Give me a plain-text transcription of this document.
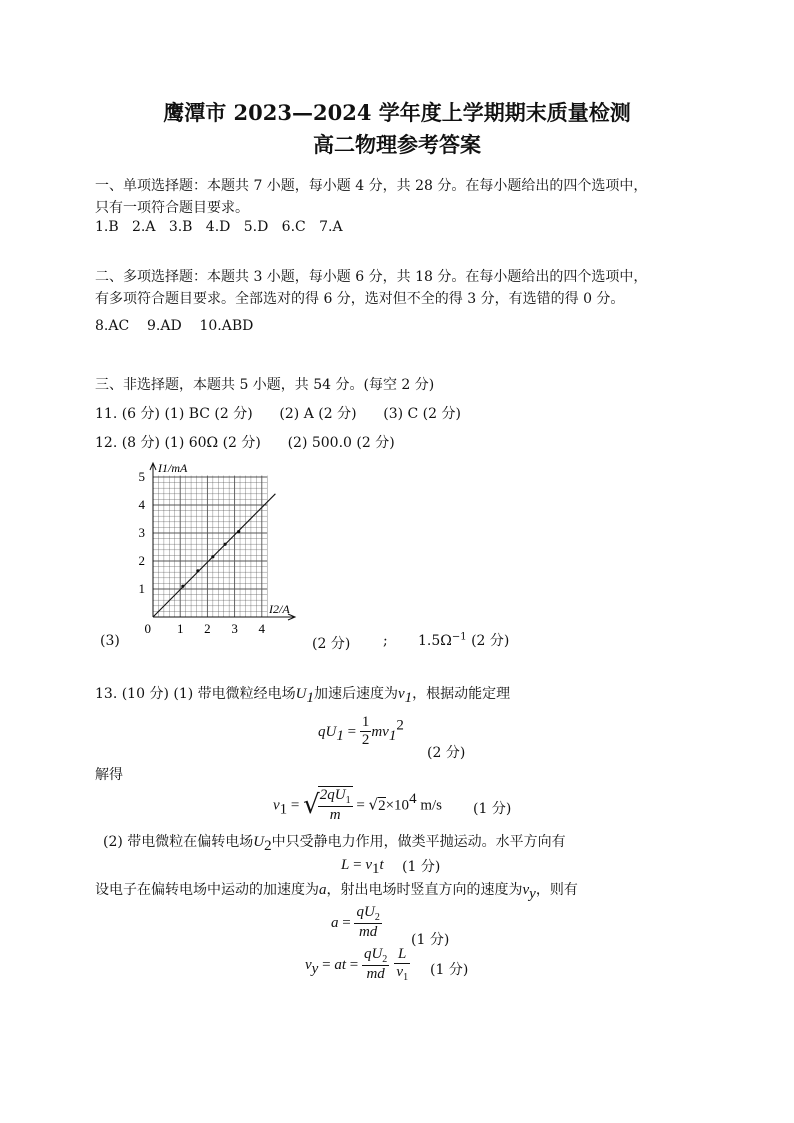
鹰潭市 2023—2024 学年度上学期期末质量检测
高二物理参考答案
一、单项选择题：本题共 7 小题，每小题 4 分，共 28 分。在每小题给出的四个选项中，
只有一项符合题目要求。
1.B   2.A   3.B   4.D   5.D   6.C   7.A
二、多项选择题：本题共 3 小题，每小题 6 分，共 18 分。在每小题给出的四个选项中，
有多项符合题目要求。全部选对的得 6 分，选对但不全的得 3 分，有选错的得 0 分。
8.AC    9.AD    10.ABD
三、非选择题，本题共 5 小题，共 54 分。(每空 2 分)
11. (6 分) (1) BC (2 分)      (2) A (2 分)      (3) C (2 分)
12. (8 分) (1) 60Ω (2 分)      (2) 500.0 (2 分)
1 2 3 4
1
2
3
4
5
0
I1/mA
I2/A
(3)	(2 分) ; $1.5\Omega^{-1}$ (2 分)
13. (10 分) (1) 带电微粒经电场$U_1$加速后速度为$v_1$，根据动能定理
$qU_1 = \frac{1}{2} mv_1^2$
(2 分)
解得
$v_1$ = √
$\frac{2qU_1}{m} = √2\times 10^4$ m/s (1 分)
(2) 带电微粒在偏转电场$U_2$中只受静电力作用，做类平抛运动。水平方向有
$L = v_1t$ (1 分)
设电子在偏转电场中运动的加速度为a，射出电场时竖直方向的速度为$v_y$，则有
$a = \frac{qU_2}{md} (1$ 分)
$v_y$ = at = $\frac{qU_2}{md}$
$\frac{L}{v_1} (1$ 分)
